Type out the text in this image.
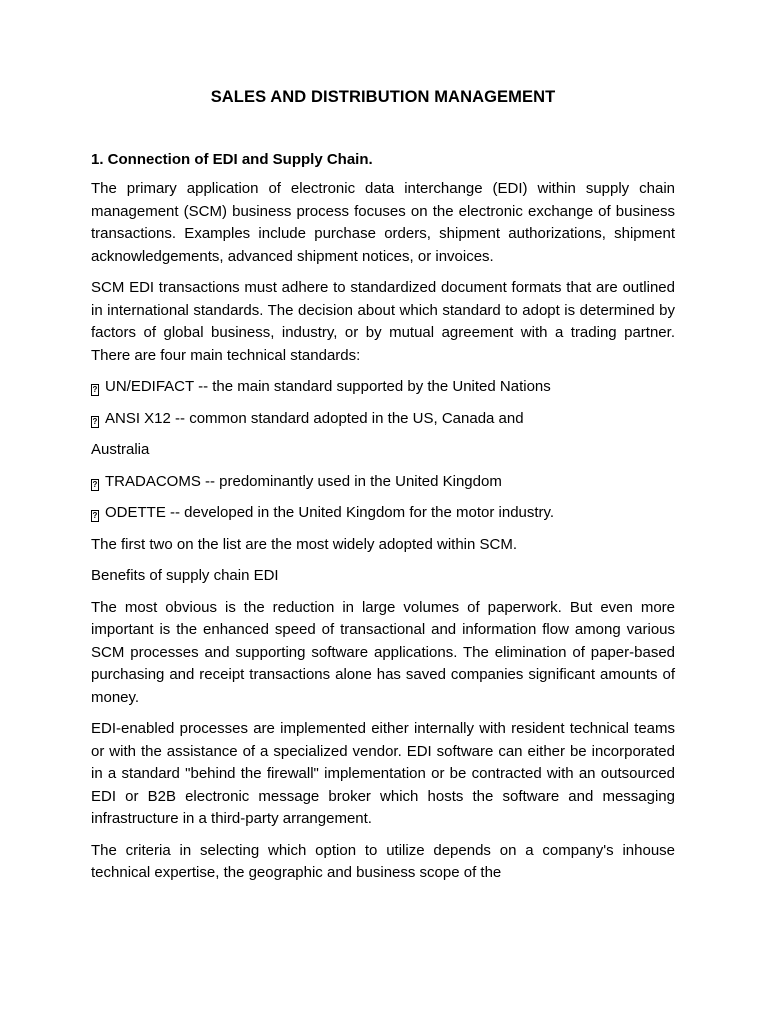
SALES AND DISTRIBUTION MANAGEMENT
1. Connection of EDI and Supply Chain.

The primary application of electronic data interchange (EDI) within supply chain management (SCM) business process focuses on the electronic exchange of business transactions. Examples include purchase orders, shipment authorizations, shipment acknowledgements, advanced shipment notices, or invoices.

SCM EDI transactions must adhere to standardized document formats that are outlined in international standards. The decision about which standard to adopt is determined by factors of global business, industry, or by mutual agreement with a trading partner. There are four main technical standards:

? UN/EDIFACT -- the main standard supported by the United Nations
? ANSI X12 -- common standard adopted in the US, Canada and
Australia
? TRADACOMS -- predominantly used in the United Kingdom
? ODETTE -- developed in the United Kingdom for the motor industry.

The first two on the list are the most widely adopted within SCM.

Benefits of supply chain EDI

The most obvious is the reduction in large volumes of paperwork. But even more important is the enhanced speed of transactional and information flow among various SCM processes and supporting software applications. The elimination of paper-based purchasing and receipt transactions alone has saved companies significant amounts of money.

EDI-enabled processes are implemented either internally with resident technical teams or with the assistance of a specialized vendor. EDI software can either be incorporated in a standard "behind the firewall" implementation or be contracted with an outsourced EDI or B2B electronic message broker which hosts the software and messaging infrastructure in a third-party arrangement.

The criteria in selecting which option to utilize depends on a company's inhouse technical expertise, the geographic and business scope of the
